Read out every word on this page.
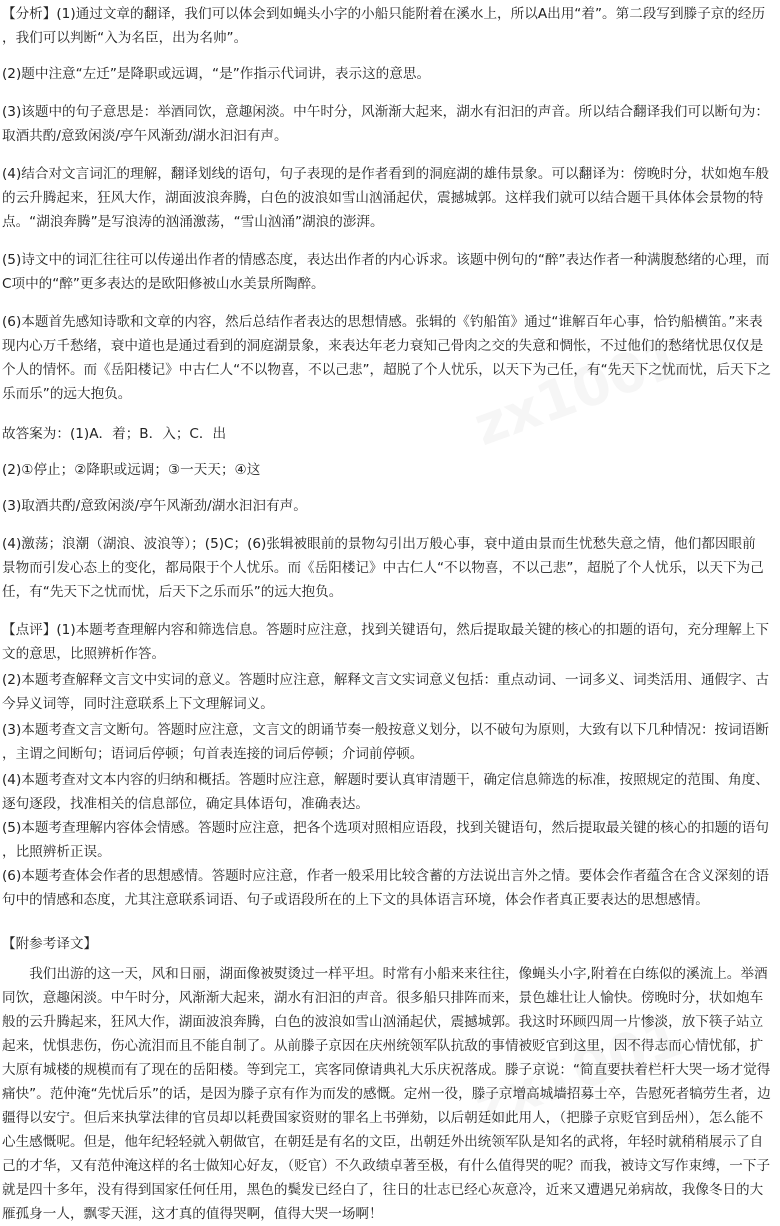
zx1001
zx1001

【分析】(1)通过文章的翻译，我们可以体会到如蝇头小字的小船只能附着在溪水上，所以A出用“着”。第二段写到滕子京的经历
，我们可以判断“入为名臣，出为名帅”。

(2)题中注意“左迁”是降职或远调，“是”作指示代词讲，表示这的意思。

(3)该题中的句子意思是：举酒同饮，意趣闲淡。中午时分，风渐渐大起来，湖水有汩汩的声音。所以结合翻译我们可以断句为：
取酒共酌/意致闲淡/亭午风渐劲/湖水汩汩有声。

(4)结合对文言词汇的理解，翻译划线的语句，句子表现的是作者看到的洞庭湖的雄伟景象。可以翻译为：傍晚时分，状如炮车般
的云升腾起来，狂风大作，湖面波浪奔腾，白色的波浪如雪山汹涌起伏，震撼城郭。这样我们就可以结合题干具体体会景物的特
点。“湖浪奔腾”是写浪涛的汹涌激荡，“雪山汹涌”湖浪的澎湃。

(5)诗文中的词汇往往可以传递出作者的情感态度，表达出作者的内心诉求。该题中例句的“醉”表达作者一种满腹愁绪的心理，而
C项中的“醉”更多表达的是欧阳修被山水美景所陶醉。

(6)本题首先感知诗歌和文章的内容，然后总结作者表达的思想情感。张辑的《钓船笛》通过“谁解百年心事，恰钓船横笛。”来表
现内心万千愁绪，衰中道也是通过看到的洞庭湖景象，来表达年老力衰知己骨肉之交的失意和惆怅，不过他们的愁绪忧思仅仅是
个人的情怀。而《岳阳楼记》中古仁人“不以物喜，不以己悲”，超脱了个人忧乐，以天下为己任，有“先天下之忧而忧，后天下之
乐而乐”的远大抱负。

故答案为：(1)A．着；B．入；C．出

(2)①停止；②降职或远调；③一天天；④这

(3)取酒共酌/意致闲淡/亭午风渐劲/湖水汩汩有声。

(4)激荡；浪潮（湖浪、波浪等）；(5)C；(6)张辑被眼前的景物勾引出万般心事，衰中道由景而生忧愁失意之情，他们都因眼前
景物而引发心态上的变化，都局限于个人忧乐。而《岳阳楼记》中古仁人“不以物喜，不以己悲”，超脱了个人忧乐，以天下为己
任，有“先天下之忧而忧，后天下之乐而乐”的远大抱负。

【点评】(1)本题考查理解内容和筛选信息。答题时应注意，找到关键语句，然后提取最关键的核心的扣题的语句，充分理解上下
文的意思，比照辨析作答。

(2)本题考查解释文言文中实词的意义。答题时应注意，解释文言文实词意义包括：重点动词、一词多义、词类活用、通假字、古
今异义词等，同时注意联系上下文理解词义。

(3)本题考查文言文断句。答题时应注意，文言文的朗诵节奏一般按意义划分，以不破句为原则，大致有以下几种情况：按词语断
，主谓之间断句；语词后停顿；句首表连接的词后停顿；介词前停顿。

(4)本题考查对文本内容的归纳和概括。答题时应注意，解题时要认真审清题干，确定信息筛选的标准，按照规定的范围、角度、
逐句逐段，找准相关的信息部位，确定具体语句，准确表达。

(5)本题考查理解内容体会情感。答题时应注意，把各个选项对照相应语段，找到关键语句，然后提取最关键的核心的扣题的语句
，比照辨析正误。

(6)本题考查体会作者的思想感情。答题时应注意，作者一般采用比较含蓄的方法说出言外之情。要体会作者蕴含在含义深刻的语
句中的情感和态度，尤其注意联系词语、句子或语段所在的上下文的具体语言环境，体会作者真正要表达的思想感情。

【附参考译文】

我们出游的这一天，风和日丽，湖面像被熨烫过一样平坦。时常有小船来来往往，像蝇头小字,附着在白练似的溪流上。举酒
同饮，意趣闲淡。中午时分，风渐渐大起来，湖水有汩汩的声音。很多船只排阵而来，景色雄壮让人愉快。傍晚时分，状如炮车
般的云升腾起来，狂风大作，湖面波浪奔腾，白色的波浪如雪山汹涌起伏，震撼城郭。我这时环顾四周一片惨淡，放下筷子站立
起来，忧惧悲伤，伤心流泪而且不能自制了。从前滕子京因在庆州统领军队抗敌的事情被贬官到这里，因不得志而心情忧郁，扩
大原有城楼的规模而有了现在的岳阳楼。等到完工，宾客同僚请典礼大乐庆祝落成。滕子京说：“简直要扶着栏杆大哭一场才觉得
痛快”。范仲淹“先忧后乐”的话，是因为滕子京有作为而发的感慨。定州一役，滕子京增高城墙招募士卒，告慰死者犒劳生者，边
疆得以安宁。但后来执掌法律的官员却以耗费国家资财的罪名上书弹劾，以后朝廷如此用人，（把滕子京贬官到岳州），怎么能不
心生感慨呢。但是，他年纪轻轻就入朝做官，在朝廷是有名的文臣，出朝廷外出统领军队是知名的武将，年轻时就稍稍展示了自
己的才华，又有范仲淹这样的名士做知心好友，（贬官）不久政绩卓著至极，有什么值得哭的呢？而我，被诗文写作束缚，一下子
就是四十多年，没有得到国家任何任用，黑色的鬓发已经白了，往日的壮志已经心灰意冷，近来又遭遇兄弟病故，我像冬日的大
雁孤身一人，飘零天涯，这才真的值得哭啊，值得大哭一场啊！
